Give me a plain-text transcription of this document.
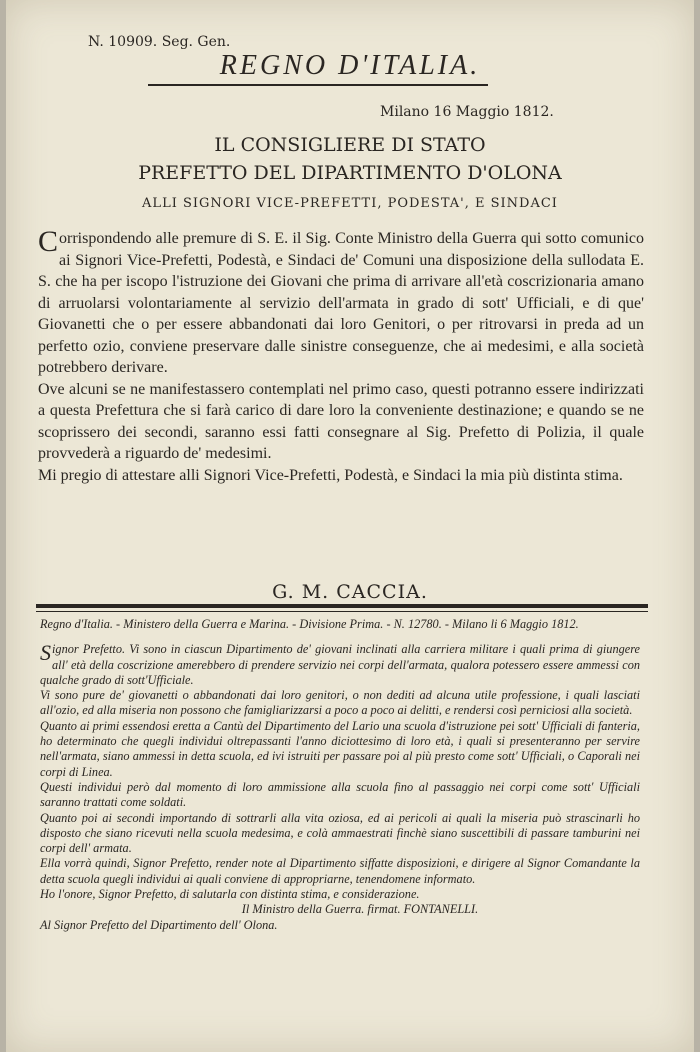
N. 10909. Seg. Gen.
REGNO D'ITALIA.
Milano 16 Maggio 1812.
IL CONSIGLIERE DI STATO
PREFETTO DEL DIPARTIMENTO D'OLONA
ALLI SIGNORI VICE-PREFETTI, PODESTA', E SINDACI

Corrispondendo alle premure di S. E. il Sig. Conte Ministro della Guerra qui sotto comunico ai Signori Vice-Prefetti, Podestà, e Sindaci de' Comuni una disposizione della sullodata E. S. che ha per iscopo l'istruzione dei Giovani che prima di arrivare all'età coscrizionaria amano di arruolarsi volontariamente al servizio dell'armata in grado di sott' Ufficiali, e di que' Giovanetti che o per essere abbandonati dai loro Genitori, o per ritrovarsi in preda ad un perfetto ozio, conviene preservare dalle sinistre conseguenze, che ai medesimi, e alla società potrebbero derivare.

Ove alcuni se ne manifestassero contemplati nel primo caso, questi potranno essere indirizzati a questa Prefettura che si farà carico di dare loro la conveniente destinazione; e quando se ne scoprissero dei secondi, saranno essi fatti consegnare al Sig. Prefetto di Polizia, il quale provvederà a riguardo de' medesimi.

Mi pregio di attestare alli Signori Vice-Prefetti, Podestà, e Sindaci la mia più distinta stima.

G. M. CACCIA.

Regno d'Italia. - Ministero della Guerra e Marina. - Divisione Prima. - N. 12780. - Milano li 6 Maggio 1812.

Signor Prefetto. Vi sono in ciascun Dipartimento de' giovani inclinati alla carriera militare i quali prima di giungere all' età della coscrizione amerebbero di prendere servizio nei corpi dell'armata, qualora potessero essere ammessi con qualche grado di sott'Ufficiale.

Vi sono pure de' giovanetti o abbandonati dai loro genitori, o non dediti ad alcuna utile professione, i quali lasciati all'ozio, ed alla miseria non possono che famigliarizzarsi a poco a poco ai delitti, e rendersi così perniciosi alla società.

Quanto ai primi essendosi eretta a Cantù del Dipartimento del Lario una scuola d'istruzione pei sott' Ufficiali di fanteria, ho determinato che quegli individui oltrepassanti l'anno diciottesimo di loro età, i quali si presenteranno per servire nell'armata, siano ammessi in detta scuola, ed ivi istruiti per passare poi al più presto come sott' Ufficiali, o Caporali nei corpi di Linea.

Questi individui però dal momento di loro ammissione alla scuola fino al passaggio nei corpi come sott' Ufficiali saranno trattati come soldati.

Quanto poi ai secondi importando di sottrarli alla vita oziosa, ed ai pericoli ai quali la miseria può strascinarli ho disposto che siano ricevuti nella scuola medesima, e colà ammaestrati finchè siano suscettibili di passare tamburini nei corpi dell' armata.

Ella vorrà quindi, Signor Prefetto, render note al Dipartimento siffatte disposizioni, e dirigere al Signor Comandante la detta scuola quegli individui ai quali conviene di appropriarne, tenendomene informato.

Ho l'onore, Signor Prefetto, di salutarla con distinta stima, e considerazione.

Il Ministro della Guerra. firmat. FONTANELLI.

Al Signor Prefetto del Dipartimento dell' Olona.
